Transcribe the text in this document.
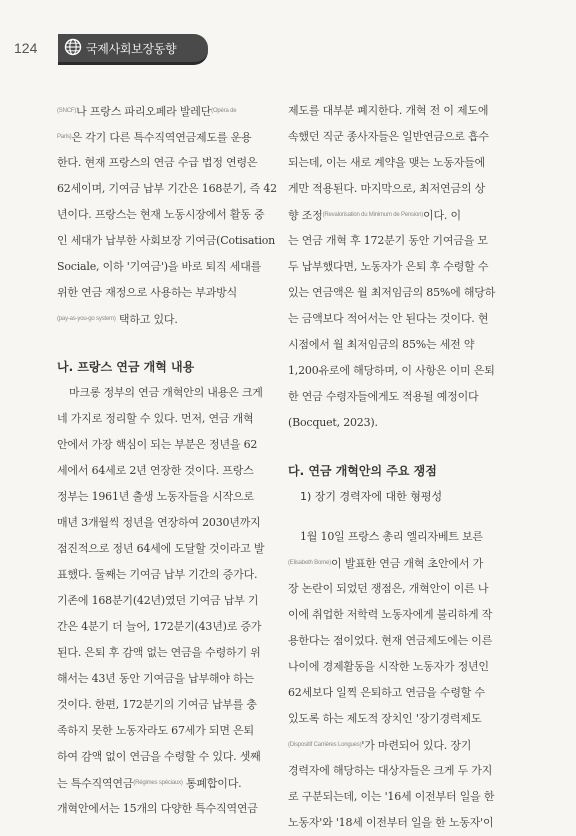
124	국제사회보장동향
$^{(SNCF)}$나 프랑스 파리오페라 발레단$^{(Opéra de}$
$^{Paris)}$은 각기 다른 특수직역연금제도를 운용
한다. 현재 프랑스의 연금 수급 법정 연령은
62세이며, 기여금 납부 기간은 168분기, 즉 42
년이다. 프랑스는 현재 노동시장에서 활동 중
인 세대가 납부한 사회보장 기여금(Cotisation
Sociale, 이하 '기여금')을 바로 퇴직 세대를
위한 연금 재정으로 사용하는 부과방식
$^{(pay-as-you-go system)}$ 택하고 있다.
나. 프랑스 연금 개혁 내용
마크롱 정부의 연금 개혁안의 내용은 크게
네 가지로 정리할 수 있다. 먼저, 연금 개혁
안에서 가장 핵심이 되는 부분은 정년을 62
세에서 64세로 2년 연장한 것이다. 프랑스
정부는 1961년 출생 노동자들을 시작으로
매년 3개월씩 정년을 연장하여 2030년까지
점진적으로 정년 64세에 도달할 것이라고 발
표했다. 둘째는 기여금 납부 기간의 증가다.
기존에 168분기(42년)였던 기여금 납부 기
간은 4분기 더 늘어, 172분기(43년)로 증가
된다. 은퇴 후 감액 없는 연금을 수령하기 위
해서는 43년 동안 기여금을 납부해야 하는
것이다. 한편, 172분기의 기여금 납부를 충
족하지 못한 노동자라도 67세가 되면 은퇴
하여 감액 없이 연금을 수령할 수 있다. 셋째
는 특수직역연금$^{(Régimes spéciaux)}$ 통폐합이다.
개혁안에서는 15개의 다양한 특수직역연금
제도를 대부분 폐지한다. 개혁 전 이 제도에
속했던 직군 종사자들은 일반연금으로 흡수
되는데, 이는 새로 계약을 맺는 노동자들에
게만 적용된다. 마지막으로, 최저연금의 상
향 조정$^{(Revalorisation du Minimum de Pension)}$이다. 이
는 연금 개혁 후 172분기 동안 기여금을 모
두 납부했다면, 노동자가 은퇴 후 수령할 수
있는 연금액은 월 최저임금의 85%에 해당하
는 금액보다 적어서는 안 된다는 것이다. 현
시점에서 월 최저임금의 85%는 세전 약
1,200유로에 해당하며, 이 사항은 이미 은퇴
한 연금 수령자들에게도 적용될 예정이다
(Bocquet, 2023).
다. 연금 개혁안의 주요 쟁점
1) 장기 경력자에 대한 형평성
1월 10일 프랑스 총리 엘리자베트 보른
$^{(Elisabeth Borne)}$이 발표한 연금 개혁 초안에서 가
장 논란이 되었던 쟁점은, 개혁안이 이른 나
이에 취업한 저학력 노동자에게 불리하게 작
용한다는 점이었다. 현재 연금제도에는 이른
나이에 경제활동을 시작한 노동자가 정년인
62세보다 일찍 은퇴하고 연금을 수령할 수
있도록 하는 제도적 장치인 '장기경력제도
$^{(Dispositif Carrières Longues)}$'가 마련되어 있다. 장기
경력자에 해당하는 대상자들은 크게 두 가지
로 구분되는데, 이는 '16세 이전부터 일을 한
노동자'와 '18세 이전부터 일을 한 노동자'이
